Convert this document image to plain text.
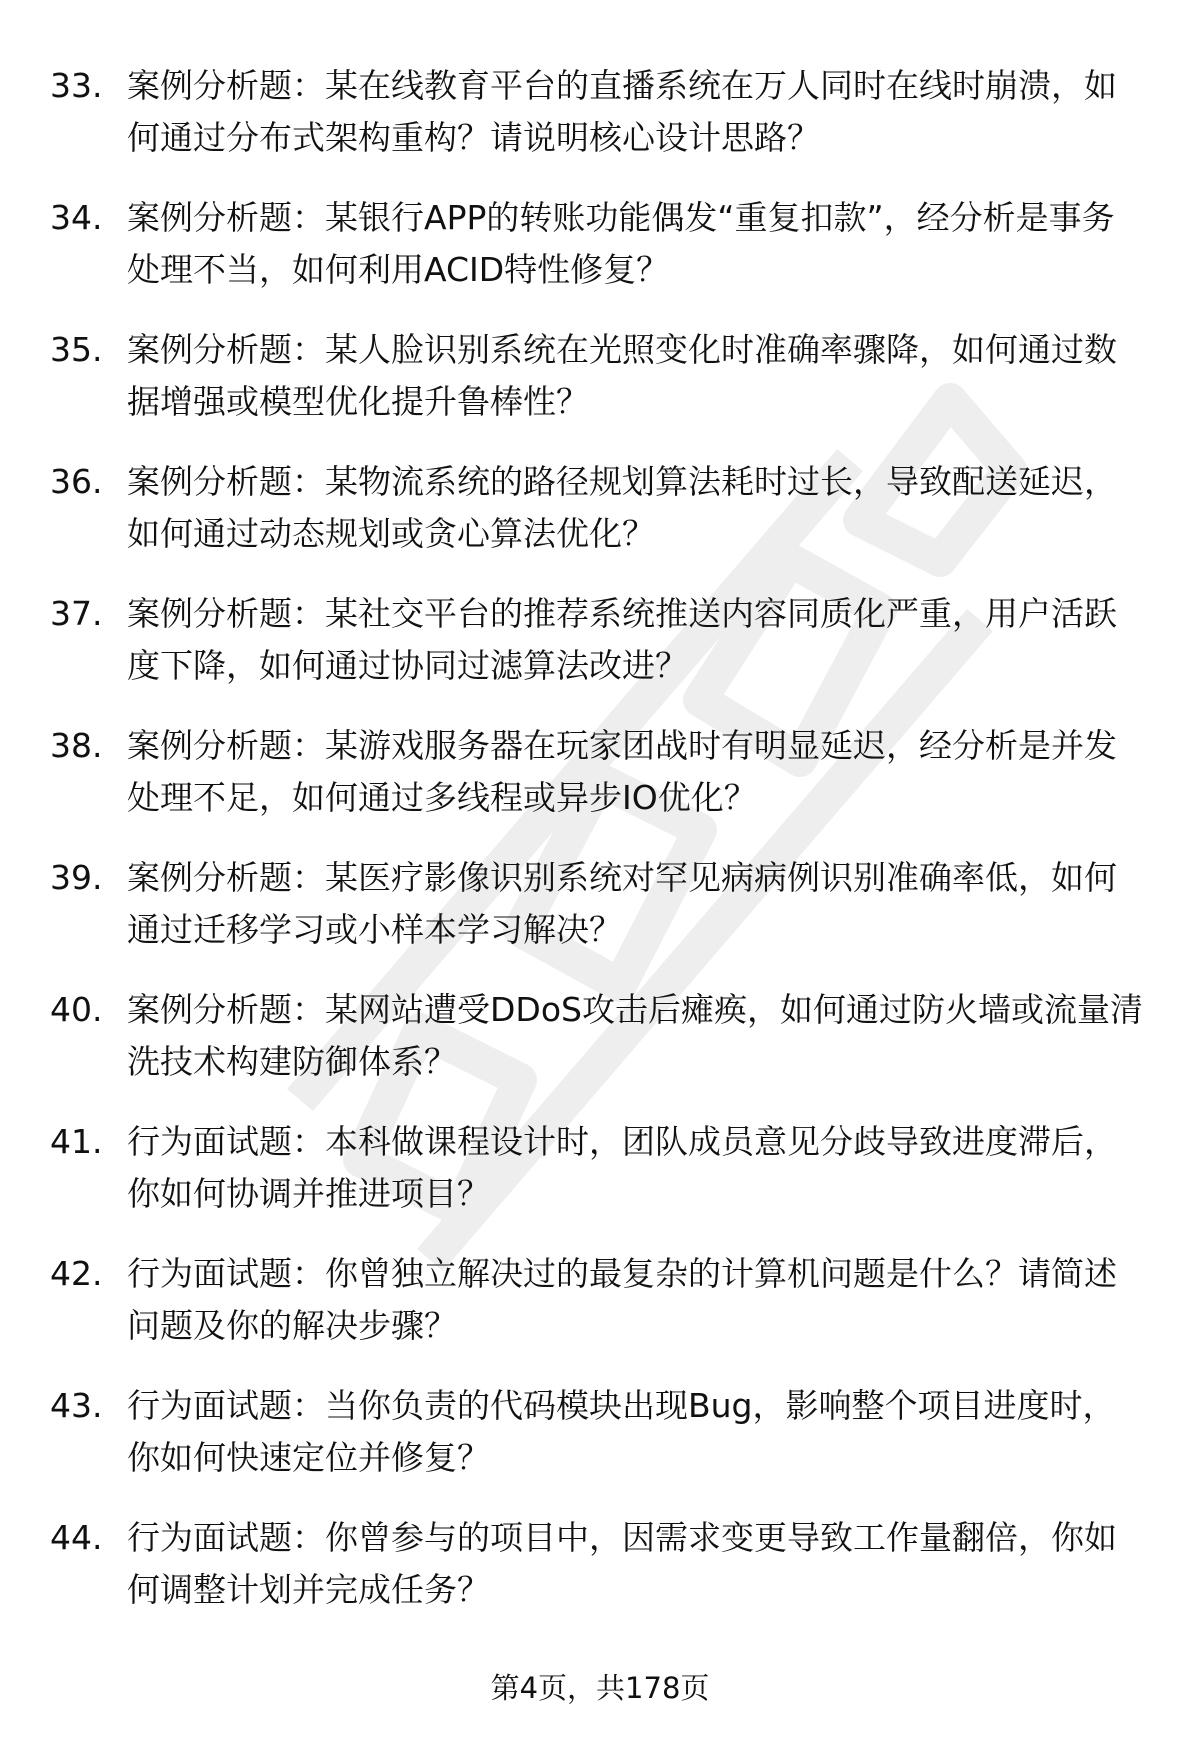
33. 案例分析题：某在线教育平台的直播系统在万人同时在线时崩溃，如何通过分布式架构重构？请说明核心设计思路？
34. 案例分析题：某银行APP的转账功能偶发“重复扣款”，经分析是事务处理不当，如何利用ACID特性修复？
35. 案例分析题：某人脸识别系统在光照变化时准确率骤降，如何通过数据增强或模型优化提升鲁棒性？
36. 案例分析题：某物流系统的路径规划算法耗时过长，导致配送延迟，如何通过动态规划或贪心算法优化？
37. 案例分析题：某社交平台的推荐系统推送内容同质化严重，用户活跃度下降，如何通过协同过滤算法改进？
38. 案例分析题：某游戏服务器在玩家团战时有明显延迟，经分析是并发处理不足，如何通过多线程或异步IO优化？
39. 案例分析题：某医疗影像识别系统对罕见病病例识别准确率低，如何通过迁移学习或小样本学习解决？
40. 案例分析题：某网站遭受DDoS攻击后瘫痪，如何通过防火墙或流量清洗技术构建防御体系？
41. 行为面试题：本科做课程设计时，团队成员意见分歧导致进度滞后，你如何协调并推进项目？
42. 行为面试题：你曾独立解决过的最复杂的计算机问题是什么？请简述问题及你的解决步骤？
43. 行为面试题：当你负责的代码模块出现Bug，影响整个项目进度时，你如何快速定位并修复？
44. 行为面试题：你曾参与的项目中，因需求变更导致工作量翻倍，你如何调整计划并完成任务？
第4页，共178页
